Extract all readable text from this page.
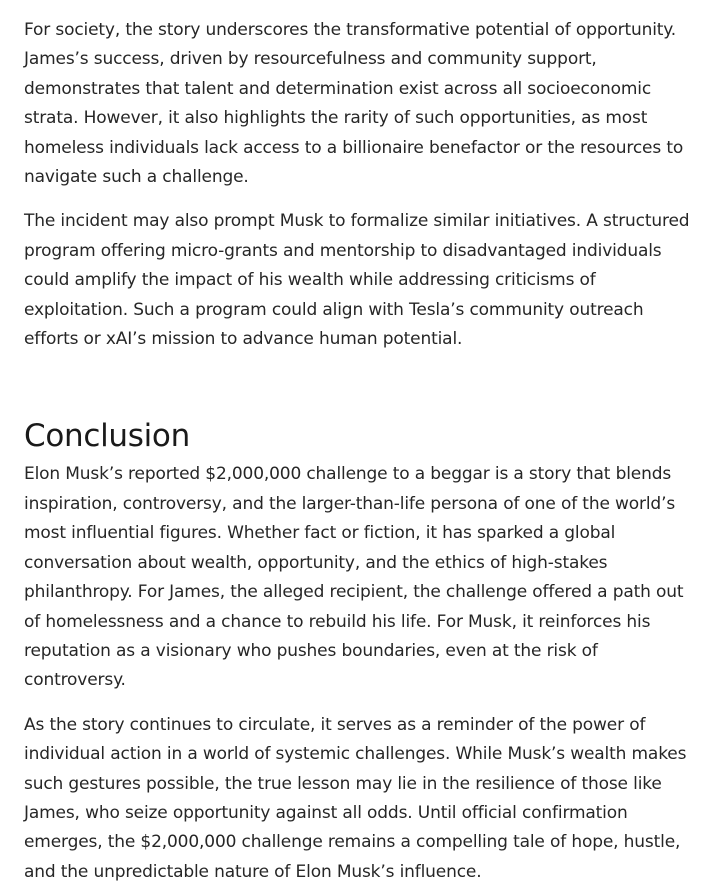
For society, the story underscores the transformative potential of opportunity. James’s success, driven by resourcefulness and community support, demonstrates that talent and determination exist across all socioeconomic strata. However, it also highlights the rarity of such opportunities, as most homeless individuals lack access to a billionaire benefactor or the resources to navigate such a challenge.

The incident may also prompt Musk to formalize similar initiatives. A structured program offering micro-grants and mentorship to disadvantaged individuals could amplify the impact of his wealth while addressing criticisms of exploitation. Such a program could align with Tesla’s community outreach efforts or xAI’s mission to advance human potential.

Conclusion

Elon Musk’s reported $2,000,000 challenge to a beggar is a story that blends inspiration, controversy, and the larger-than-life persona of one of the world’s most influential figures. Whether fact or fiction, it has sparked a global conversation about wealth, opportunity, and the ethics of high-stakes philanthropy. For James, the alleged recipient, the challenge offered a path out of homelessness and a chance to rebuild his life. For Musk, it reinforces his reputation as a visionary who pushes boundaries, even at the risk of controversy.

As the story continues to circulate, it serves as a reminder of the power of individual action in a world of systemic challenges. While Musk’s wealth makes such gestures possible, the true lesson may lie in the resilience of those like James, who seize opportunity against all odds. Until official confirmation emerges, the $2,000,000 challenge remains a compelling tale of hope, hustle, and the unpredictable nature of Elon Musk’s influence.
